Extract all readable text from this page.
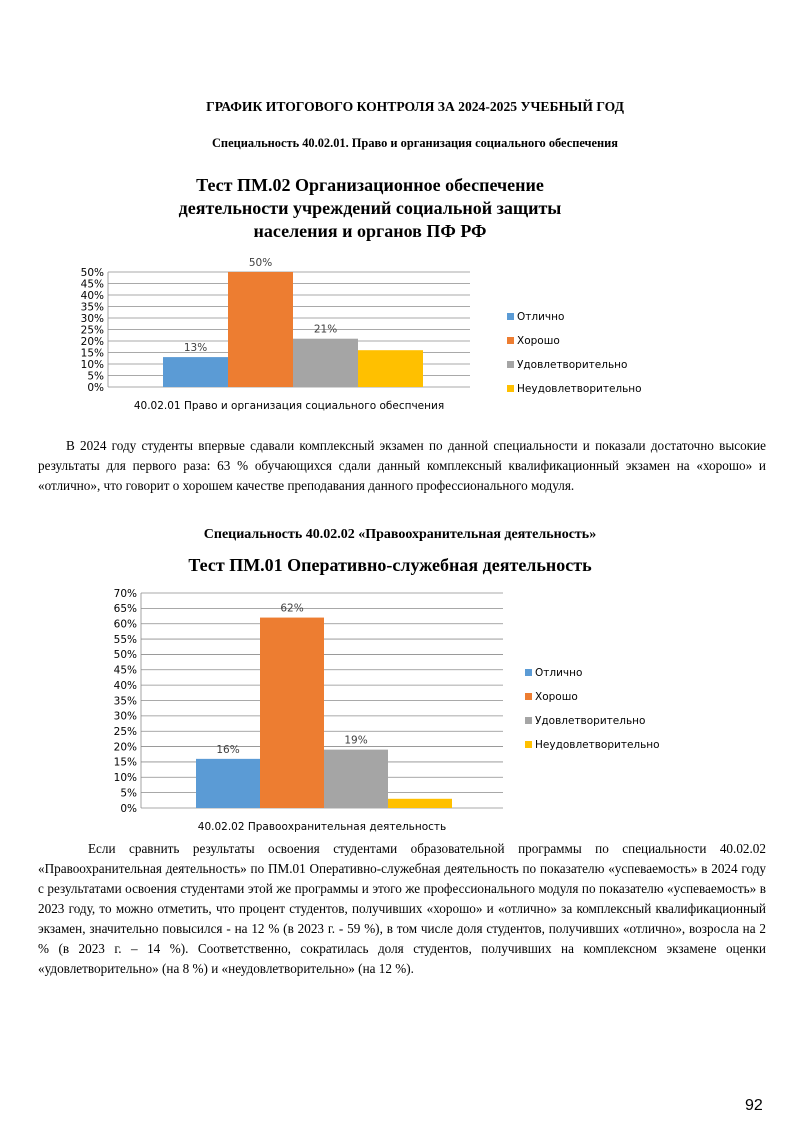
ГРАФИК ИТОГОВОГО КОНТРОЛЯ ЗА 2024-2025 УЧЕБНЫЙ ГОД
Специальность 40.02.01. Право и организация социального обеспечения
Тест ПМ.02 Организационное обеспечение
деятельности учреждений социальной защиты
населения и органов ПФ РФ
0%
5%
10%
15%
20%
25%
30%
35%
40%
45%
50%
13%
50%
21%
40.02.01 Право и организация социального обеспчения
Отлично
Хорошо
Удовлетворительно
Неудовлетворительно
В 2024 году студенты впервые сдавали комплексный экзамен по данной специальности и показали достаточно высокие результаты для первого раза: 63 % обучающихся сдали данный комплексный квалификационный экзамен на «хорошо» и «отлично», что говорит о хорошем качестве преподавания данного профессионального модуля.
Специальность 40.02.02 «Правоохранительная деятельность»
Тест ПМ.01 Оперативно-служебная деятельность
0%
5%
10%
15%
20%
25%
30%
35%
40%
45%
50%
55%
60%
65%
70%
16%
62%
19%
40.02.02 Правоохранительная деятельность
Отлично
Хорошо
Удовлетворительно
Неудовлетворительно
Если сравнить результаты освоения студентами образовательной программы по специальности 40.02.02 «Правоохранительная деятельность» по ПМ.01 Оперативно-служебная деятельность по показателю «успеваемость» в 2024 году с результатами освоения студентами этой же программы и этого же профессионального модуля по показателю «успеваемость» в 2023 году, то можно отметить, что процент студентов, получивших «хорошо» и «отлично» за комплексный квалификационный экзамен, значительно повысился - на 12 % (в 2023 г. - 59 %), в том числе доля студентов, получивших «отлично», возросла на 2 % (в 2023 г. – 14 %). Соответственно, сократилась доля студентов, получивших на комплексном экзамене оценки «удовлетворительно» (на 8 %) и «неудовлетворительно» (на 12 %).
92
